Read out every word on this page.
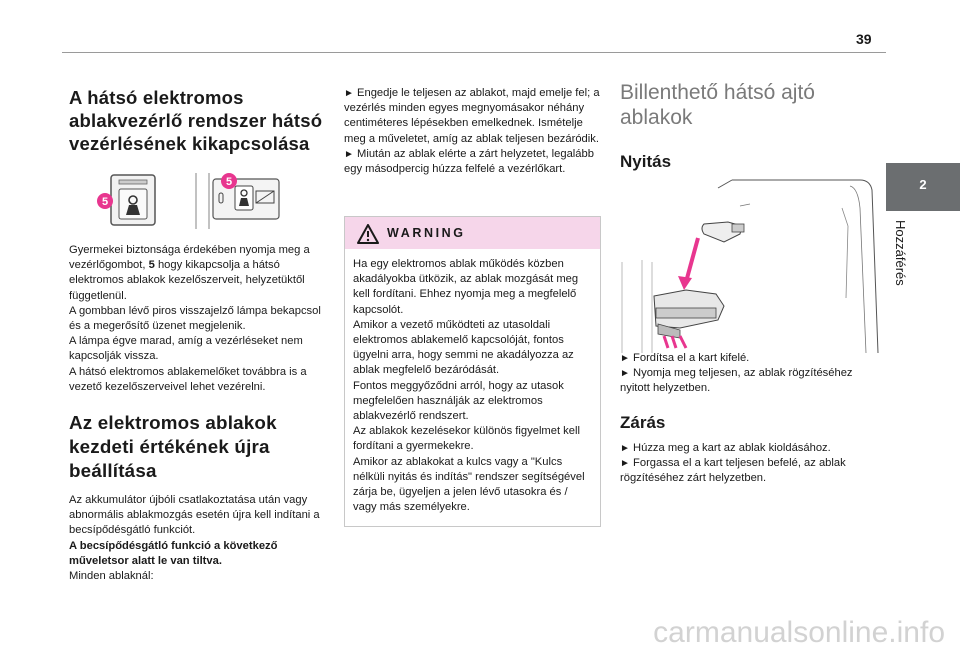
39
2
Hozzáférés
A hátsó elektromos
ablakvezérlő rendszer hátsó
vezérlésének kikapcsolása
5
5

Gyermekei biztonsága érdekében nyomja meg a vezérlőgombot, 5 hogy kikapcsolja a hátsó elektromos ablakok kezelőszerveit, helyzetüktől függetlenül.
A gombban lévő piros visszajelző lámpa bekapcsol és a megerősítő üzenet megjelenik.
A lámpa égve marad, amíg a vezérléseket nem kapcsolják vissza.
A hátsó elektromos ablakemelőket továbbra is a vezető kezelőszerveivel lehet vezérelni.

Az elektromos ablakok
kezdeti értékének újra
beállítása

Az akkumulátor újbóli csatlakoztatása után vagy abnormális ablakmozgás esetén újra kell indítani a becsípődésgátló funkciót.
A becsípődésgátló funkció a következő műveletsor alatt le van tiltva.
Minden ablaknál:

► Engedje le teljesen az ablakot, majd emelje fel; a vezérlés minden egyes megnyomásakor néhány centiméteres lépésekben emelkednek. Ismételje meg a műveletet, amíg az ablak teljesen bezáródik.
► Miután az ablak elérte a zárt helyzetet, legalább egy másodpercig húzza felfelé a vezérlőkart.

WARNING
Ha egy elektromos ablak működés közben akadályokba ütközik, az ablak mozgását meg kell fordítani. Ehhez nyomja meg a megfelelő kapcsolót.
Amikor a vezető működteti az utasoldali elektromos ablakemelő kapcsolóját, fontos ügyelni arra, hogy semmi ne akadályozza az ablak megfelelő bezáródását.
Fontos meggyőződni arról, hogy az utasok megfelelően használják az elektromos ablakvezérlő rendszert.
Az ablakok kezelésekor különös figyelmet kell fordítani a gyermekekre.
Amikor az ablakokat a kulcs vagy a "Kulcs nélküli nyitás és indítás" rendszer segítségével zárja be, ügyeljen a jelen lévő utasokra és / vagy más személyekre.
Billenthető hátsó ajtó
ablakok
Nyitás

► Fordítsa el a kart kifelé.
► Nyomja meg teljesen, az ablak rögzítéséhez nyitott helyzetben.

Zárás

► Húzza meg a kart az ablak kioldásához.
► Forgassa el a kart teljesen befelé, az ablak rögzítéséhez zárt helyzetben.

carmanualsonline.info
